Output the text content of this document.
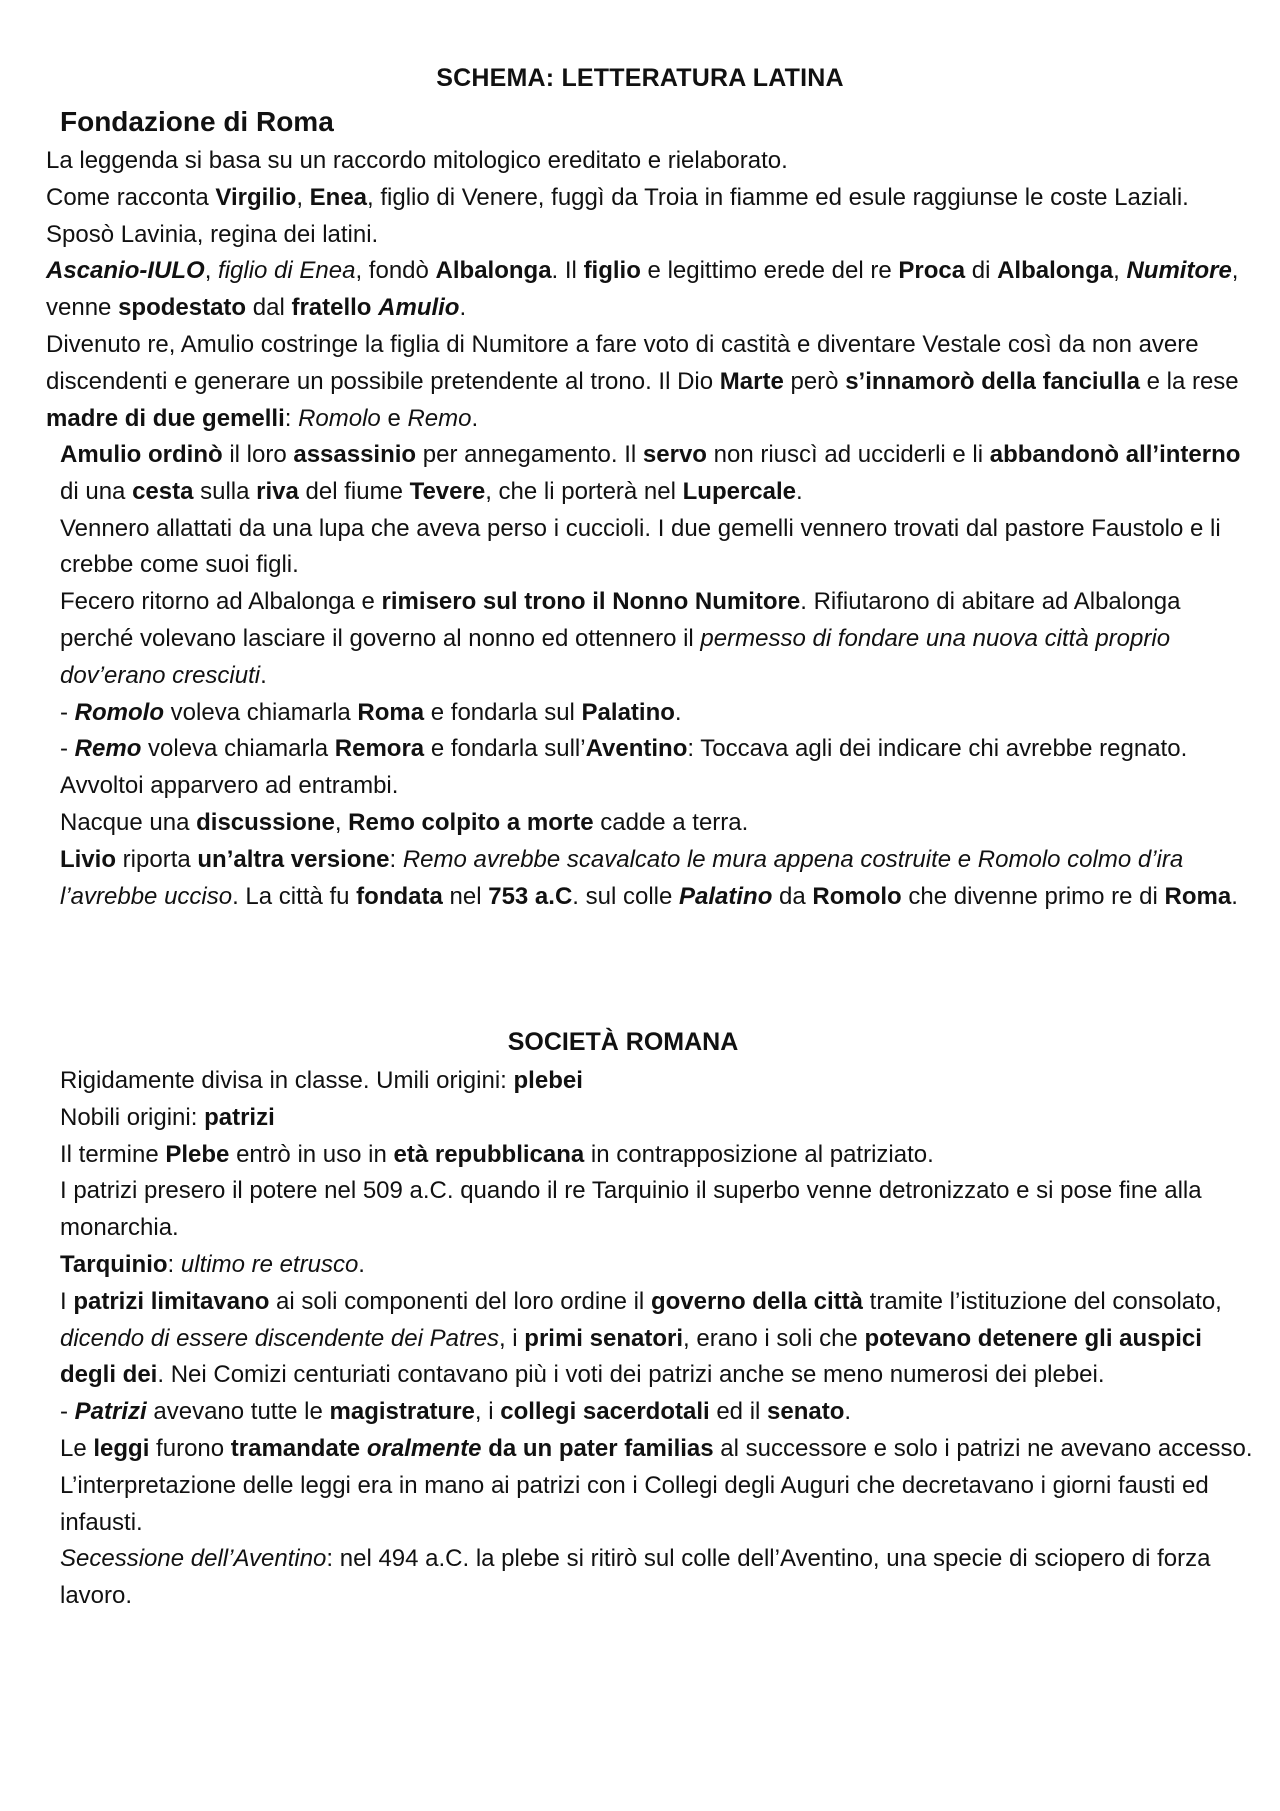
SCHEMA: LETTERATURA LATINA
Fondazione di Roma

La leggenda si basa su un raccordo mitologico ereditato e rielaborato.

Come racconta Virgilio, Enea, figlio di Venere, fuggì da Troia in fiamme ed esule raggiunse le coste Laziali. Sposò Lavinia, regina dei latini.

Ascanio-IULO, figlio di Enea, fondò Albalonga. Il figlio e legittimo erede del re Proca di Albalonga, Numitore, venne spodestato dal fratello Amulio.

Divenuto re, Amulio costringe la figlia di Numitore a fare voto di castità e diventare Vestale così da non avere discendenti e generare un possibile pretendente al trono. Il Dio Marte però s’innamorò della fanciulla e la rese madre di due gemelli: Romolo e Remo.

Amulio ordinò il loro assassinio per annegamento. Il servo non riuscì ad ucciderli e li abbandonò all’interno di una cesta sulla riva del fiume Tevere, che li porterà nel Lupercale.

Vennero allattati da una lupa che aveva perso i cuccioli. I due gemelli vennero trovati dal pastore Faustolo e li crebbe come suoi figli.

Fecero ritorno ad Albalonga e rimisero sul trono il Nonno Numitore. Rifiutarono di abitare ad Albalonga perché volevano lasciare il governo al nonno ed ottennero il permesso di fondare una nuova città proprio dov’erano cresciuti.

- Romolo voleva chiamarla Roma e fondarla sul Palatino.

- Remo voleva chiamarla Remora e fondarla sull’Aventino: Toccava agli dei indicare chi avrebbe regnato.

Avvoltoi apparvero ad entrambi.

Nacque una discussione, Remo colpito a morte cadde a terra.

Livio riporta un’altra versione: Remo avrebbe scavalcato le mura appena costruite e Romolo colmo d’ira l’avrebbe ucciso. La città fu fondata nel 753 a.C. sul colle Palatino da Romolo che divenne primo re di Roma.

SOCIETÀ ROMANA

Rigidamente divisa in classe. Umili origini: plebei

Nobili origini: patrizi

Il termine Plebe entrò in uso in età repubblicana in contrapposizione al patriziato.

I patrizi presero il potere nel 509 a.C. quando il re Tarquinio il superbo venne detronizzato e si pose fine alla monarchia.

Tarquinio: ultimo re etrusco.

I patrizi limitavano ai soli componenti del loro ordine il governo della città tramite l’istituzione del consolato, dicendo di essere discendente dei Patres, i primi senatori, erano i soli che potevano detenere gli auspici degli dei. Nei Comizi centuriati contavano più i voti dei patrizi anche se meno numerosi dei plebei.

- Patrizi avevano tutte le magistrature, i collegi sacerdotali ed il senato.

Le leggi furono tramandate oralmente da un pater familias al successore e solo i patrizi ne avevano accesso.

L’interpretazione delle leggi era in mano ai patrizi con i Collegi degli Auguri che decretavano i giorni fausti ed infausti.

Secessione dell’Aventino: nel 494 a.C. la plebe si ritirò sul colle dell’Aventino, una specie di sciopero di forza lavoro.
